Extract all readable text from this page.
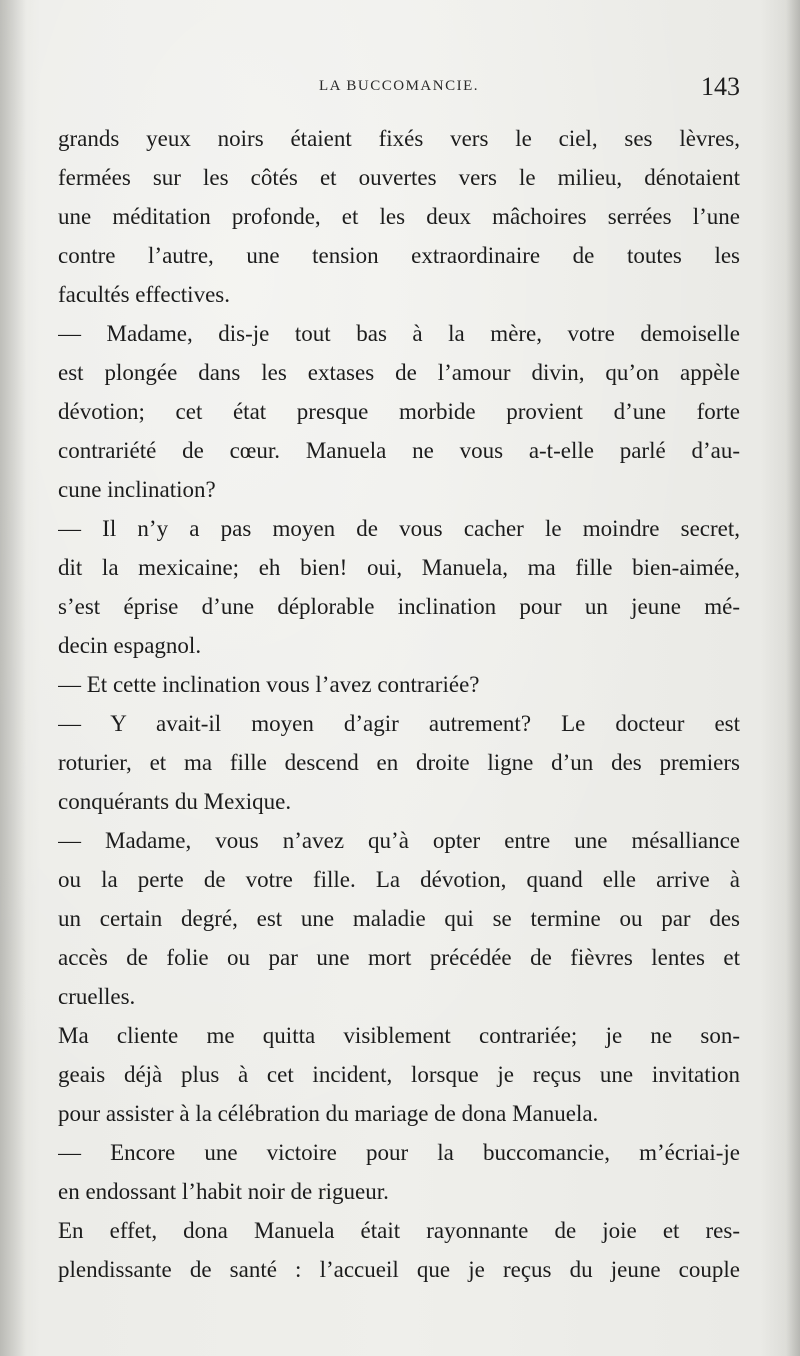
LA BUCCOMANCIE.	143
grands yeux noirs étaient fixés vers le ciel, ses lèvres,
fermées sur les côtés et ouvertes vers le milieu, dénotaient
une méditation profonde, et les deux mâchoires serrées l’une
contre l’autre, une tension extraordinaire de toutes les
facultés effectives.
— Madame, dis-je tout bas à la mère, votre demoiselle
est plongée dans les extases de l’amour divin, qu’on appèle
dévotion; cet état presque morbide provient d’une forte
contrariété de cœur. Manuela ne vous a-t-elle parlé d’au-
cune inclination?
— Il n’y a pas moyen de vous cacher le moindre secret,
dit la mexicaine; eh bien! oui, Manuela, ma fille bien-aimée,
s’est éprise d’une déplorable inclination pour un jeune mé-
decin espagnol.
— Et cette inclination vous l’avez contrariée?
— Y avait-il moyen d’agir autrement? Le docteur est
roturier, et ma fille descend en droite ligne d’un des premiers
conquérants du Mexique.
— Madame, vous n’avez qu’à opter entre une mésalliance
ou la perte de votre fille. La dévotion, quand elle arrive à
un certain degré, est une maladie qui se termine ou par des
accès de folie ou par une mort précédée de fièvres lentes et
cruelles.
Ma cliente me quitta visiblement contrariée; je ne son-
geais déjà plus à cet incident, lorsque je reçus une invitation
pour assister à la célébration du mariage de dona Manuela.
— Encore une victoire pour la buccomancie, m’écriai-je
en endossant l’habit noir de rigueur.
En effet, dona Manuela était rayonnante de joie et res-
plendissante de santé : l’accueil que je reçus du jeune couple
